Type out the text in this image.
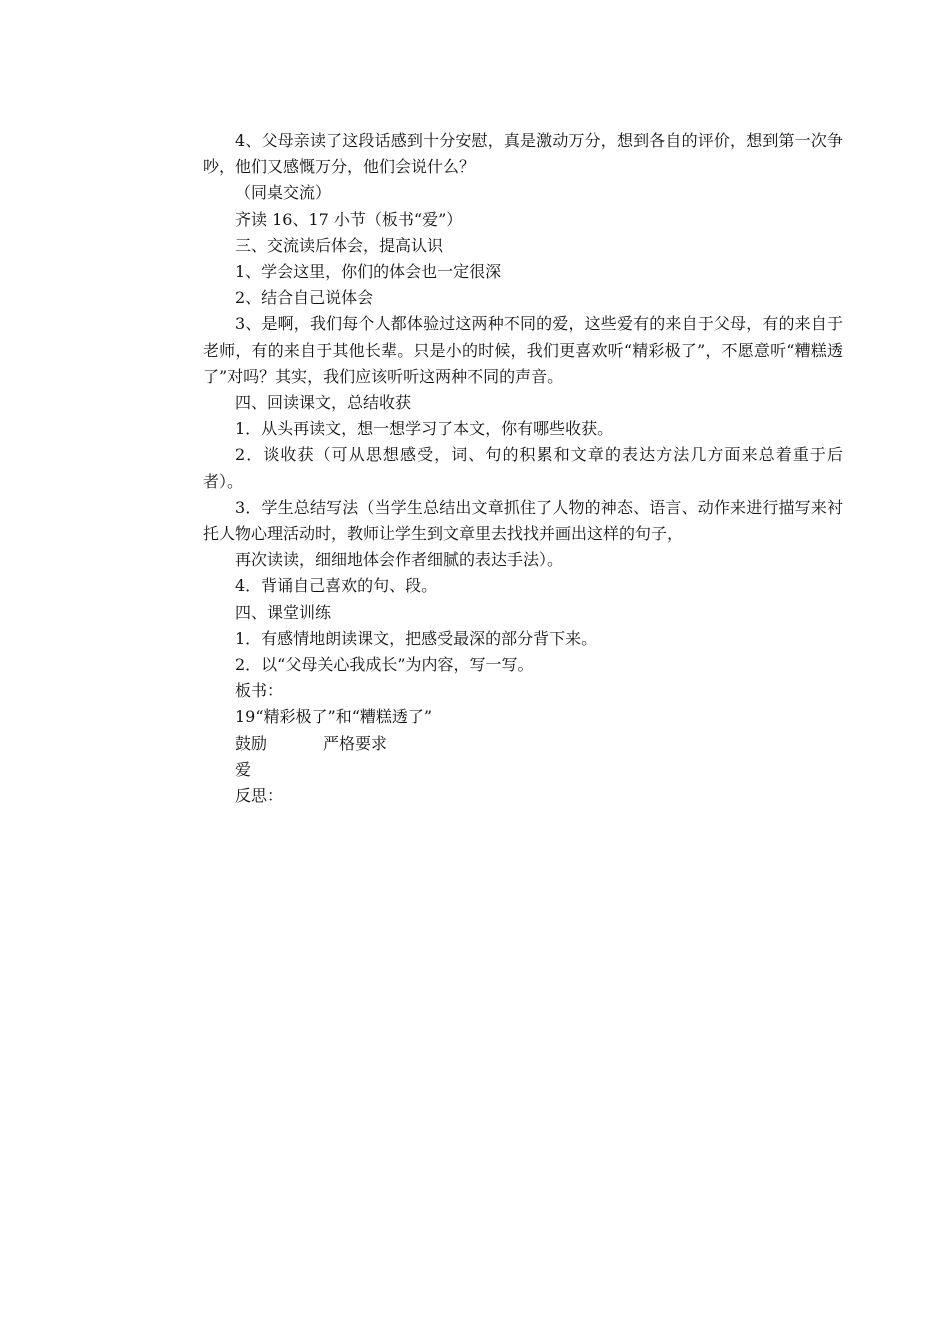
4、父母亲读了这段话感到十分安慰，真是激动万分，想到各自的评价，想到第一次争吵，他们又感慨万分，他们会说什么？

（同桌交流）

齐读 16、17 小节（板书“爱”）

三、交流读后体会，提高认识

1、学会这里，你们的体会也一定很深

2、结合自己说体会

3、是啊，我们每个人都体验过这两种不同的爱，这些爱有的来自于父母，有的来自于老师，有的来自于其他长辈。只是小的时候，我们更喜欢听“精彩极了”，不愿意听“糟糕透了”对吗？其实，我们应该听听这两种不同的声音。

四、回读课文，总结收获

1．从头再读文，想一想学习了本文，你有哪些收获。

2．谈收获（可从思想感受，词、句的积累和文章的表达方法几方面来总着重于后者）。

3．学生总结写法（当学生总结出文章抓住了人物的神态、语言、动作来进行描写来衬托人物心理活动时，教师让学生到文章里去找找并画出这样的句子，

再次读读，细细地体会作者细腻的表达手法）。

4．背诵自己喜欢的句、段。

四、课堂训练

1．有感情地朗读课文，把感受最深的部分背下来。

2．以“父母关心我成长”为内容，写一写。

板书：

19“精彩极了”和“糟糕透了”

鼓励	严格要求
爱
反思：
